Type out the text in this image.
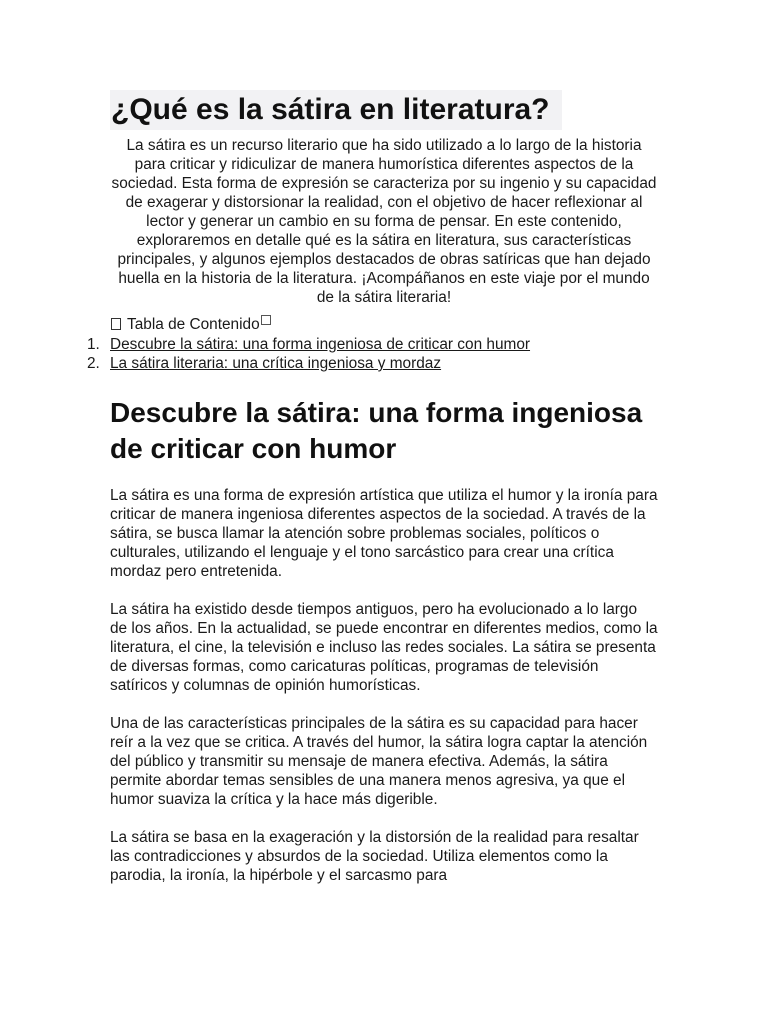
¿Qué es la sátira en literatura?

La sátira es un recurso literario que ha sido utilizado a lo largo de la historia para criticar y ridiculizar de manera humorística diferentes aspectos de la sociedad. Esta forma de expresión se caracteriza por su ingenio y su capacidad de exagerar y distorsionar la realidad, con el objetivo de hacer reflexionar al lector y generar un cambio en su forma de pensar. En este contenido, exploraremos en detalle qué es la sátira en literatura, sus características principales, y algunos ejemplos destacados de obras satíricas que han dejado huella en la historia de la literatura. ¡Acompáñanos en este viaje por el mundo de la sátira literaria!

Tabla de Contenido
1. Descubre la sátira: una forma ingeniosa de criticar con humor
2. La sátira literaria: una crítica ingeniosa y mordaz
Descubre la sátira: una forma ingeniosa de criticar con humor

La sátira es una forma de expresión artística que utiliza el humor y la ironía para criticar de manera ingeniosa diferentes aspectos de la sociedad. A través de la sátira, se busca llamar la atención sobre problemas sociales, políticos o culturales, utilizando el lenguaje y el tono sarcástico para crear una crítica mordaz pero entretenida.

La sátira ha existido desde tiempos antiguos, pero ha evolucionado a lo largo de los años. En la actualidad, se puede encontrar en diferentes medios, como la literatura, el cine, la televisión e incluso las redes sociales. La sátira se presenta de diversas formas, como caricaturas políticas, programas de televisión satíricos y columnas de opinión humorísticas.

Una de las características principales de la sátira es su capacidad para hacer reír a la vez que se critica. A través del humor, la sátira logra captar la atención del público y transmitir su mensaje de manera efectiva. Además, la sátira permite abordar temas sensibles de una manera menos agresiva, ya que el humor suaviza la crítica y la hace más digerible.

La sátira se basa en la exageración y la distorsión de la realidad para resaltar las contradicciones y absurdos de la sociedad. Utiliza elementos como la parodia, la ironía, la hipérbole y el sarcasmo para
